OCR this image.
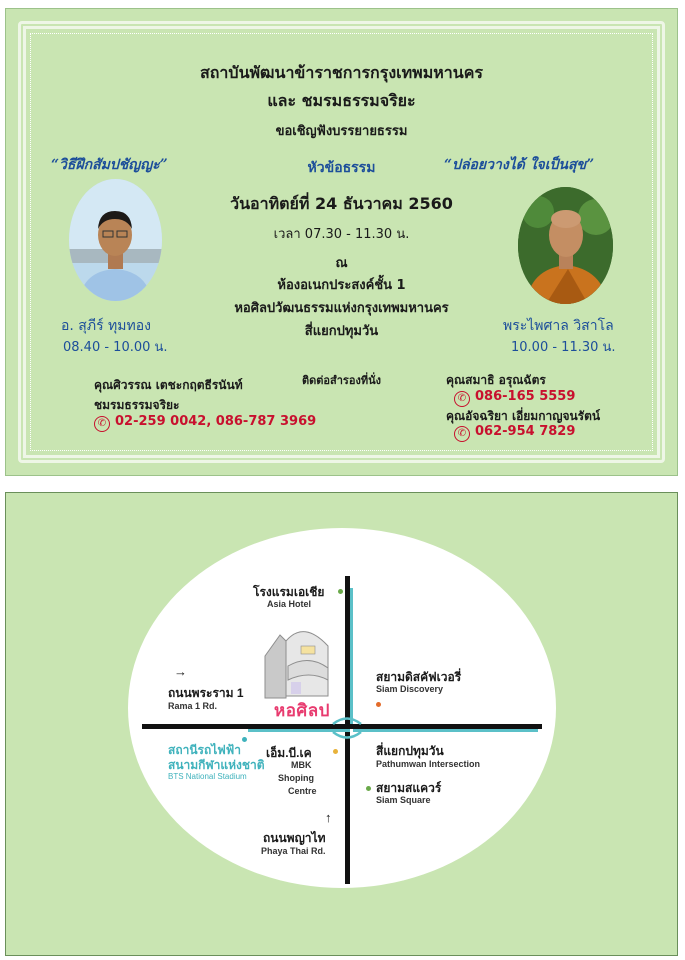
สถาบันพัฒนาข้าราชการกรุงเทพมหานคร
และ ชมรมธรรมจริยะ
ขอเชิญฟังบรรยายธรรม
“วิธีฝึกสัมปชัญญะ”	หัวข้อธรรม	“ปล่อยวางได้ ใจเป็นสุข”
วันอาทิตย์ที่ 24 ธันวาคม 2560
เวลา 07.30 - 11.30 น.
ณ
ห้องอเนกประสงค์ชั้น 1
หอศิลปวัฒนธรรมแห่งกรุงเทพมหานคร
สี่แยกปทุมวัน
อ. สุภีร์ ทุมทอง
08.40 - 10.00 น.
พระไพศาล วิสาโล
10.00 - 11.30 น.
ติดต่อสำรองที่นั่ง
คุณศิวรรณ เตชะกฤตธีรนันท์
ชมรมธรรมจริยะ
✆ 02-259 0042, 086-787 3969
คุณสมาธิ อรุณฉัตร
✆ 086-165 5559
คุณอัจฉริยา เอี่ยมกาญจนรัตน์
✆ 062-954 7829
โรงแรมเอเชีย
Asia Hotel
สยามดิสคัฟเวอรี่
Siam Discovery
→
ถนนพระราม 1
Rama 1 Rd.	หอศิลป
สถานีรถไฟฟ้า
สนามกีฬาแห่งชาติ
BTS National Stadium
เอ็ม.บี.เค
MBK
Shoping
Centre
สี่แยกปทุมวัน
Pathumwan Intersection
สยามสแควร์
Siam Square
↑
ถนนพญาไท
Phaya Thai Rd.
